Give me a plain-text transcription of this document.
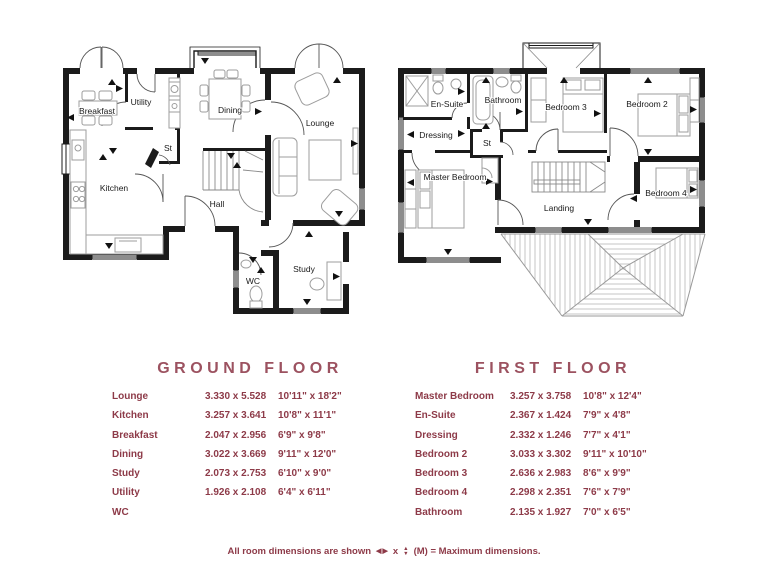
Breakfast
Utility
Dining
Lounge
Kitchen
St
Hall
WC
Study
En-Suite	Bathroom
Bedroom 3	Bedroom 2
Dressing
St
Master Bedroom
Landing
Bedroom 4
GROUND FLOOR
Lounge	3.330 x 5.528 10'11" x 18'2"
Kitchen	3.257 x 3.641 10'8" x 11'1"
Breakfast	2.047 x 2.956 6'9" x 9'8"
Dining	3.022 x 3.669 9'11" x 12'0"
Study	2.073 x 2.753 6'10" x 9'0"
Utility	1.926 x 2.108 6'4" x 6'11"
WC
FIRST FLOOR
Master Bedroom 3.257 x 3.758 10'8" x 12'4"
En-Suite	2.367 x 1.424 7'9" x 4'8"
Dressing	2.332 x 1.246 7'7" x 4'1"
Bedroom 2	3.033 x 3.302 9'11" x 10'10"
Bedroom 3	2.636 x 2.983 8'6" x 9'9"
Bedroom 4	2.298 x 2.351 7'6" x 7'9"
Bathroom	2.135 x 1.927 7'0" x 6'5"
All room dimensions are shown ◀ ▶ x ▲
▼ (M) = Maximum dimensions.
